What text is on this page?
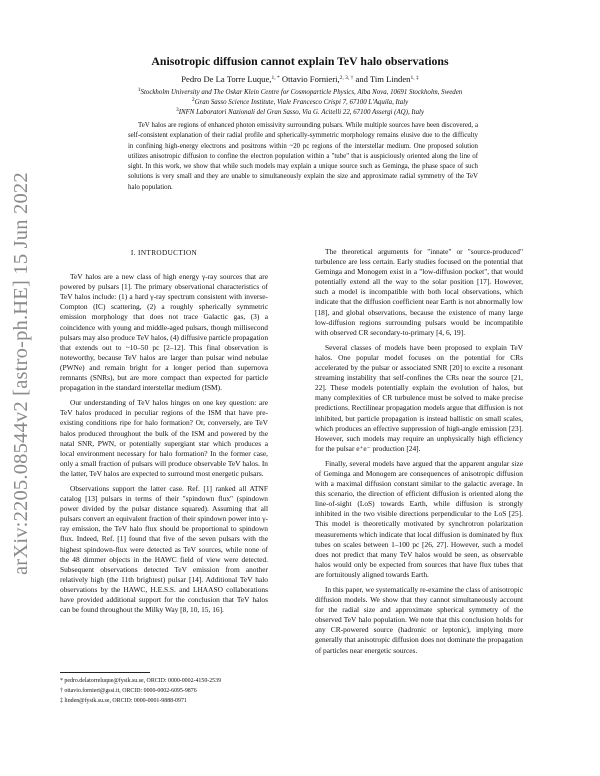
arXiv:2205.08544v2 [astro-ph.HE] 15 Jun 2022
Anisotropic diffusion cannot explain TeV halo observations
Pedro De La Torre Luque,$^{1, *}$ Ottavio Fornieri,$^{2, 3, \dagger}$ and Tim Linden$^{1, \ddagger}$
$^1$Stockholm University and The Oskar Klein Centre for Cosmoparticle Physics, Alba Nova, 10691 Stockholm, Sweden
$^2$Gran Sasso Science Institute, Viale Francesco Crispi 7, 67100 L'Aquila, Italy
$^3$INFN Laboratori Nazionali del Gran Sasso, Via G. Acitelli 22, 67100 Assergi (AQ), Italy
TeV halos are regions of enhanced photon emissivity surrounding pulsars. While multiple sources have been discovered, a self-consistent explanation of their radial profile and spherically-symmetric morphology remains elusive due to the difficulty in confining high-energy electrons and positrons within ~20 pc regions of the interstellar medium. One proposed solution utilizes anisotropic diffusion to confine the electron population within a "tube" that is auspiciously oriented along the line of sight. In this work, we show that while such models may explain a unique source such as Geminga, the phase space of such solutions is very small and they are unable to simultaneously explain the size and approximate radial symmetry of the TeV halo population.
I. INTRODUCTION

TeV halos are a new class of high energy γ-ray sources that are powered by pulsars [1]. The primary observational characteristics of TeV halos include: (1) a hard γ-ray spectrum consistent with inverse-Compton (IC) scattering, (2) a roughly spherically symmetric emission morphology that does not trace Galactic gas, (3) a coincidence with young and middle-aged pulsars, though millisecond pulsars may also produce TeV halos, (4) diffusive particle propagation that extends out to ~10–50 pc [2–12]. This final observation is noteworthy, because TeV halos are larger than pulsar wind nebulae (PWNe) and remain bright for a longer period than supernova remnants (SNRs), but are more compact than expected for particle propagation in the standard interstellar medium (ISM).

Our understanding of TeV halos hinges on one key question: are TeV halos produced in peculiar regions of the ISM that have pre-existing conditions ripe for halo formation? Or, conversely, are TeV halos produced throughout the bulk of the ISM and powered by the natal SNR, PWN, or potentially supergiant star which produces a local environment necessary for halo formation? In the former case, only a small fraction of pulsars will produce observable TeV halos. In the latter, TeV halos are expected to surround most energetic pulsars.

Observations support the latter case. Ref. [1] ranked all ATNF catalog [13] pulsars in terms of their "spindown flux" (spindown power divided by the pulsar distance squared). Assuming that all pulsars convert an equivalent fraction of their spindown power into γ-ray emission, the TeV halo flux should be proportional to spindown flux. Indeed, Ref. [1] found that five of the seven pulsars with the highest spindown-flux were detected as TeV sources, while none of the 48 dimmer objects in the HAWC field of view were detected. Subsequent observations detected TeV emission from another relatively high (the 11th brightest) pulsar [14]. Additional TeV halo observations by the HAWC, H.E.S.S. and LHAASO collaborations have provided additional support for the conclusion that TeV halos can be found throughout the Milky Way [8, 10, 15, 16].

The theoretical arguments for "innate" or "source-produced" turbulence are less certain. Early studies focused on the potential that Geminga and Monogem exist in a "low-diffusion pocket", that would potentially extend all the way to the solar position [17]. However, such a model is incompatible with both local observations, which indicate that the diffusion coefficient near Earth is not abnormally low [18], and global observations, because the existence of many large low-diffusion regions surrounding pulsars would be incompatible with observed CR secondary-to-primary [4, 6, 19].

Several classes of models have been proposed to explain TeV halos. One popular model focuses on the potential for CRs accelerated by the pulsar or associated SNR [20] to excite a resonant streaming instability that self-confines the CRs near the source [21, 22]. These models potentially explain the evolution of halos, but many complexities of CR turbulence must be solved to make precise predictions. Rectilinear propagation models argue that diffusion is not inhibited, but particle propagation is instead ballistic on small scales, which produces an effective suppression of high-angle emission [23]. However, such models may require an unphysically high efficiency for the pulsar e⁺e⁻ production [24].

Finally, several models have argued that the apparent angular size of Geminga and Monogem are consequences of anisotropic diffusion with a maximal diffusion constant similar to the galactic average. In this scenario, the direction of efficient diffusion is oriented along the line-of-sight (LoS) towards Earth, while diffusion is strongly inhibited in the two visible directions perpendicular to the LoS [25]. This model is theoretically motivated by synchrotron polarization measurements which indicate that local diffusion is dominated by flux tubes on scales between 1–100 pc [26, 27]. However, such a model does not predict that many TeV halos would be seen, as observable halos would only be expected from sources that have flux tubes that are fortuitously aligned towards Earth.

In this paper, we systematically re-examine the class of anisotropic diffusion models. We show that they cannot simultaneously account for the radial size and approximate spherical symmetry of the observed TeV halo population. We note that this conclusion holds for any CR-powered source (hadronic or leptonic), implying more generally that anisotropic diffusion does not dominate the propagation of particles near energetic sources.

* pedro.delatorreluque@fysik.su.se, ORCID: 0000-0002-4150-2539
† ottavio.fornieri@gssi.it, ORCID: 0000-0002-6095-9876
‡ linden@fysik.su.se, ORCID: 0000-0001-9888-0971
